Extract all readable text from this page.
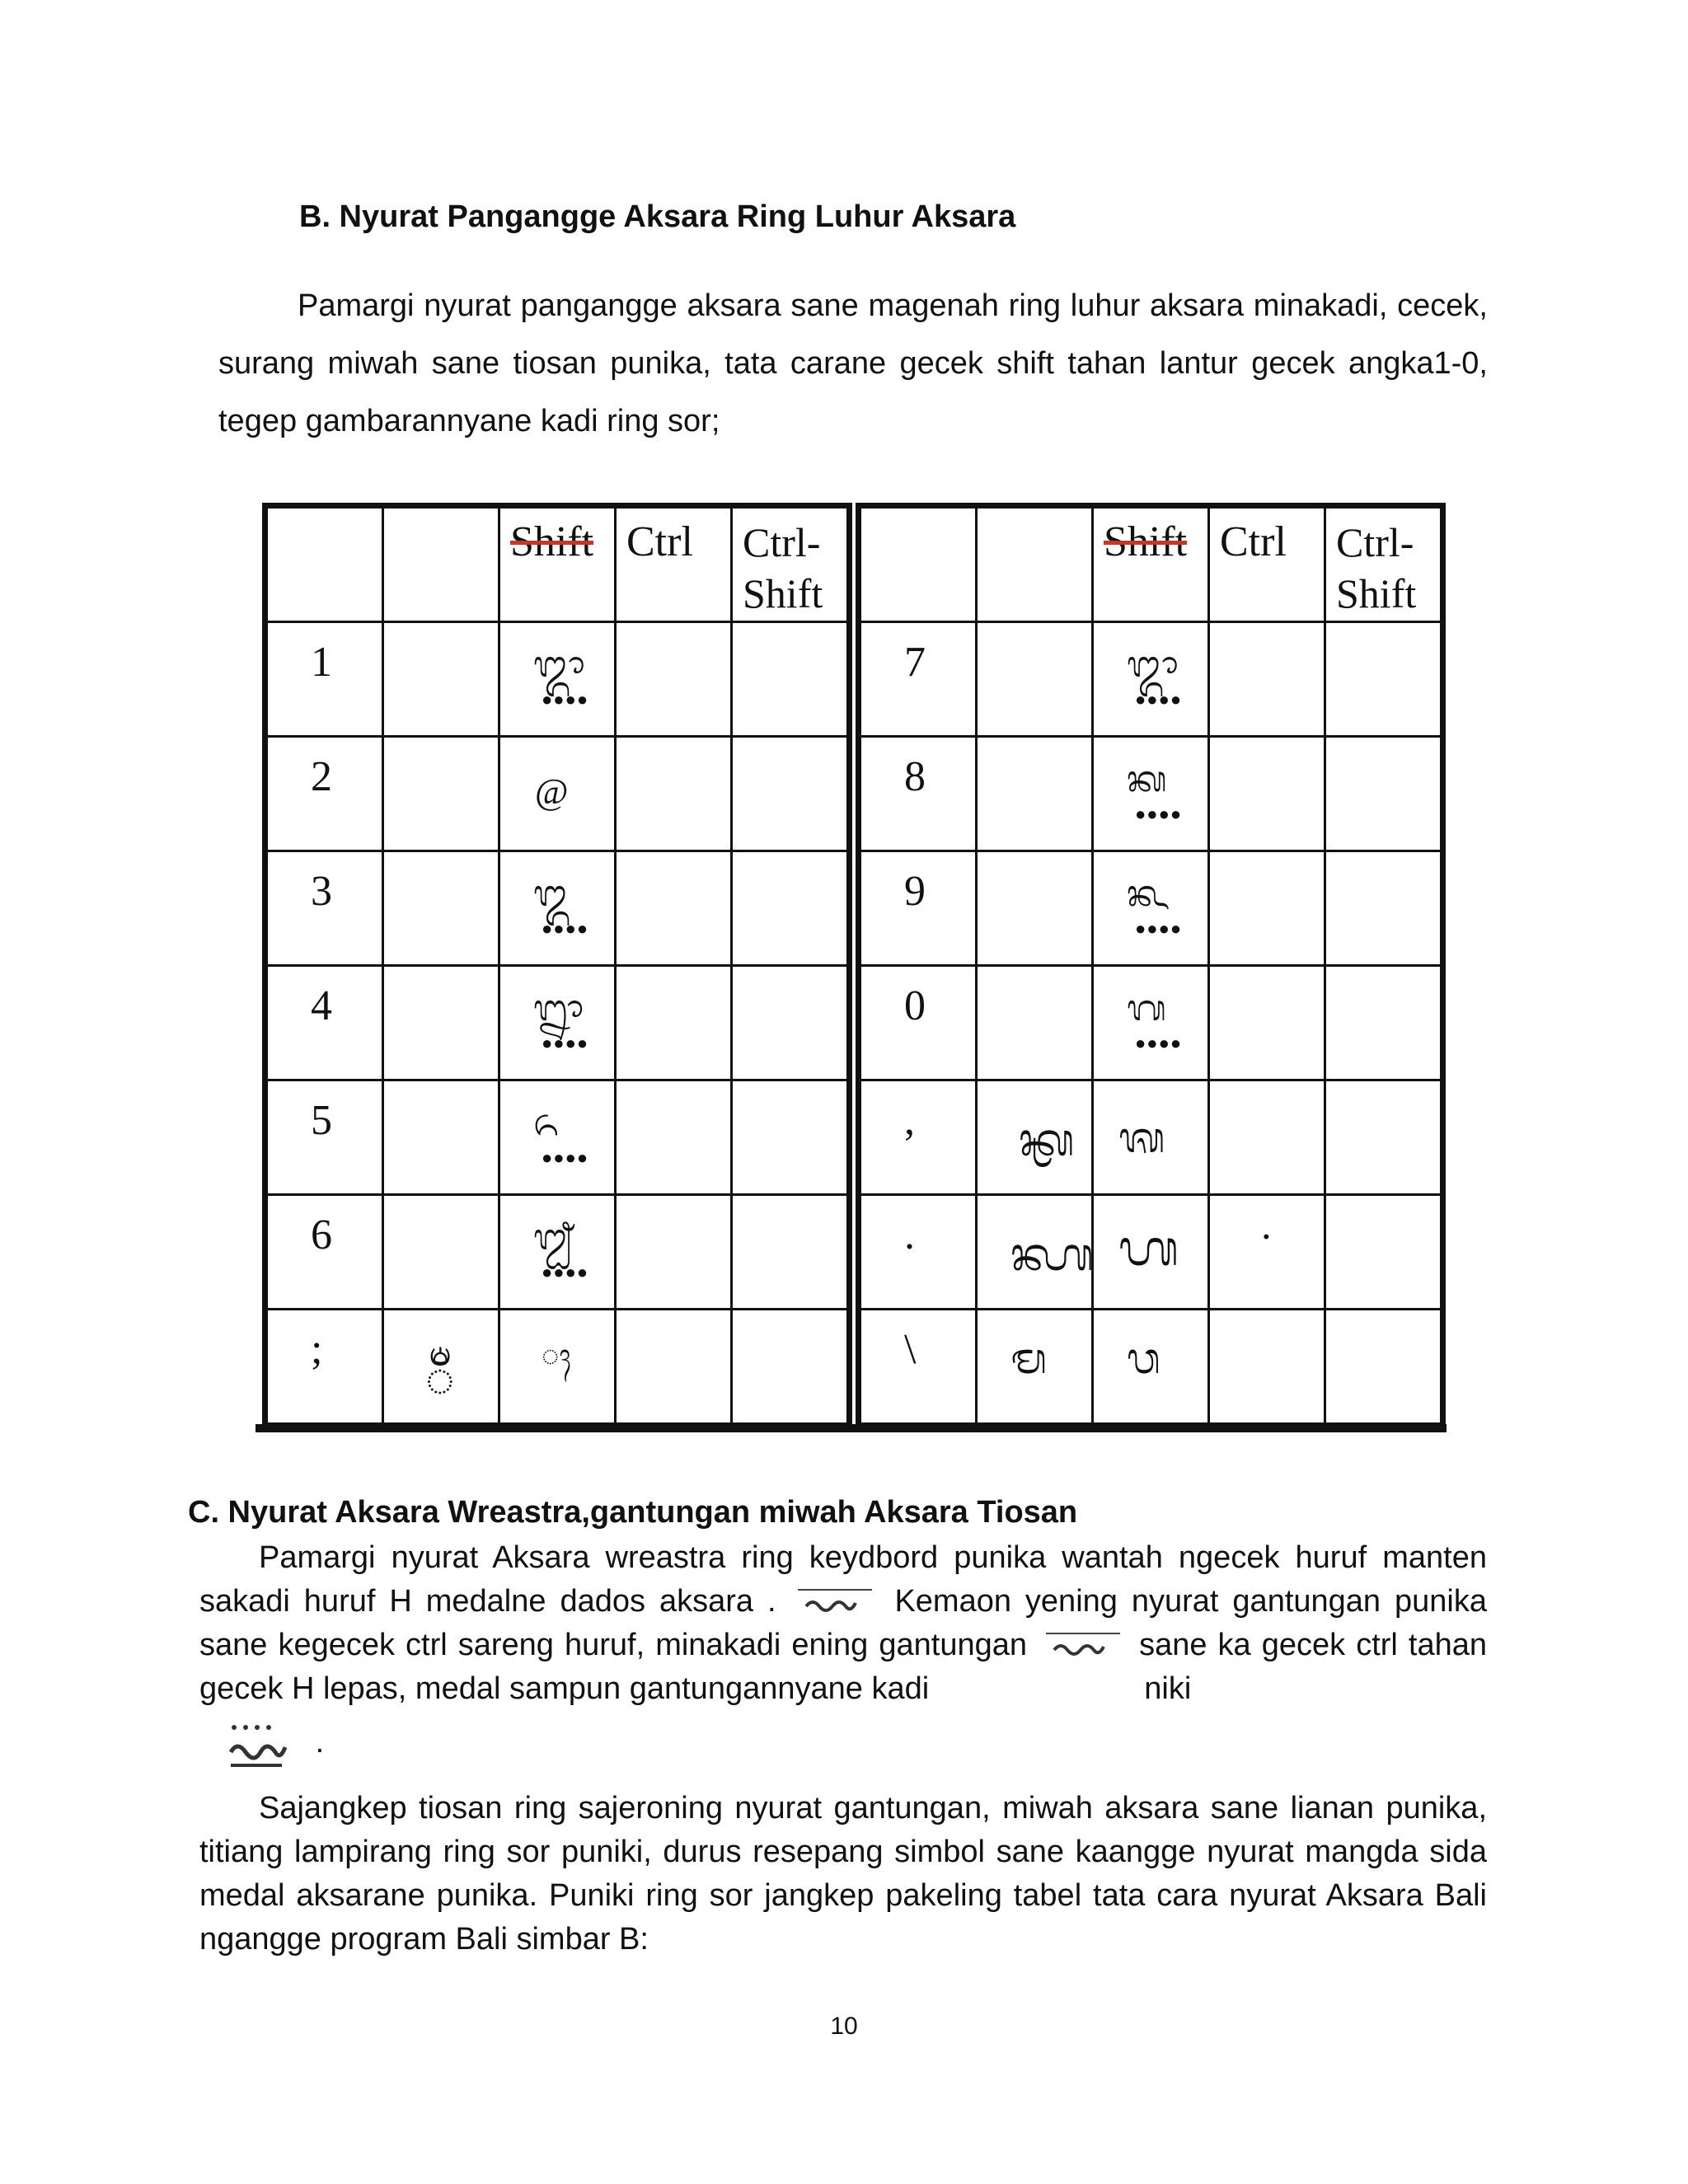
B. Nyurat Pangangge Aksara Ring Luhur Aksara
Pamargi nyurat pangangge aksara sane magenah ring luhur aksara minakadi, cecek, surang miwah sane tiosan punika, tata carane gecek shift tahan lantur gecek angka1-0, tegep gambarannyane kadi ring sor;

		Shift	Ctrl	Ctrl-Shift

1		ᬒ
●●●●		

2		@		

3		ᬑ
●●●●		

4		ᬎ
●●●●		

5		ᬏ
●●●●		

6		ᬐ
●●●●		

;	ᬁ	ᬄ		

		Shift	Ctrl	Ctrl-Shift

7		ᬒ
●●●●		

8		ᬓ
●●●●		

9		ᬔ
●●●●		

0		ᬕ
●●●●		

,	ᭅ	ᬰ		

.	ᭆ	ᬳ	·	

\	ᬫ	ᬯ		

C. Nyurat Aksara Wreastra,gantungan miwah Aksara Tiosan
Pamargi nyurat Aksara wreastra ring keydbord punika wantah ngecek huruf manten sakadi huruf H medalne dados aksara .	Kemaon yening nyurat gantungan punika sane kegecek ctrl sareng huruf, minakadi ening gantungan	sane ka gecek ctrl tahan gecek H lepas, medal sampun gantungannyane kadi	niki
.
Sajangkep tiosan ring sajeroning nyurat gantungan, miwah aksara sane lianan punika, titiang lampirang ring sor puniki, durus resepang simbol sane kaangge nyurat mangda sida medal aksarane punika. Puniki ring sor jangkep pakeling tabel tata cara nyurat Aksara Bali ngangge program Bali simbar B:
10
